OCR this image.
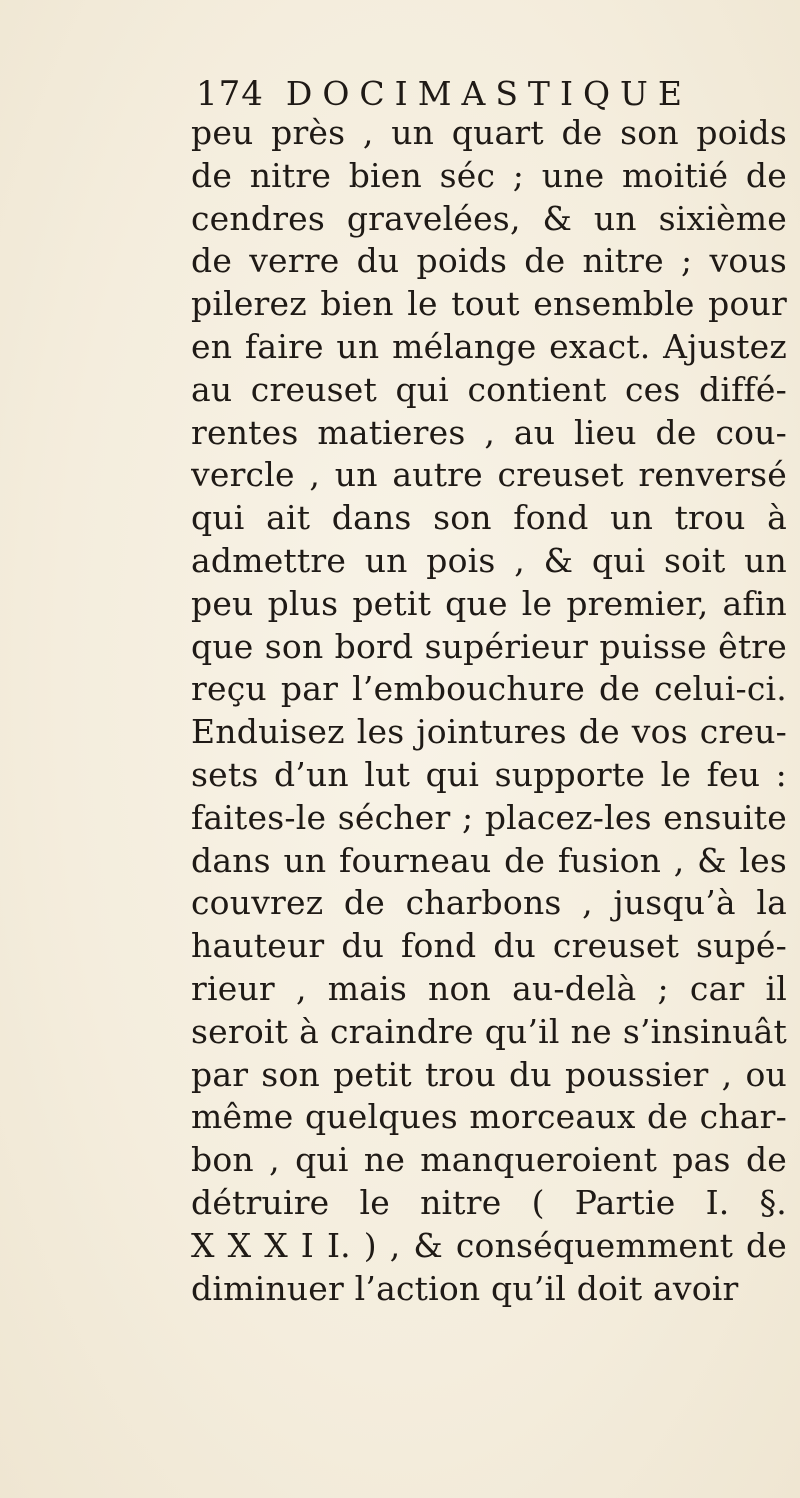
174 DOCIMASTIQUE
peu près , un quart de son poids
de nitre bien séc ; une moitié de
cendres gravelées, & un sixième
de verre du poids de nitre ; vous
pilerez bien le tout ensemble pour
en faire un mélange exact. Ajustez
au creuset qui contient ces diffé-
rentes matieres , au lieu de cou-
vercle , un autre creuset renversé
qui ait dans son fond un trou à
admettre un pois , & qui soit un
peu plus petit que le premier, afin
que son bord supérieur puisse être
reçu par l’embouchure de celui-ci.
Enduisez les jointures de vos creu-
sets d’un lut qui supporte le feu :
faites-le sécher ; placez-les ensuite
dans un fourneau de fusion , & les
couvrez de charbons , jusqu’à la
hauteur du fond du creuset supé-
rieur , mais non au-delà ; car il
seroit à craindre qu’il ne s’insinuât
par son petit trou du poussier , ou
même quelques morceaux de char-
bon , qui ne manqueroient pas de
détruire le nitre ( Partie I. §.
X X X I I. ) , & conséquemment de
diminuer l’action qu’il doit avoir
